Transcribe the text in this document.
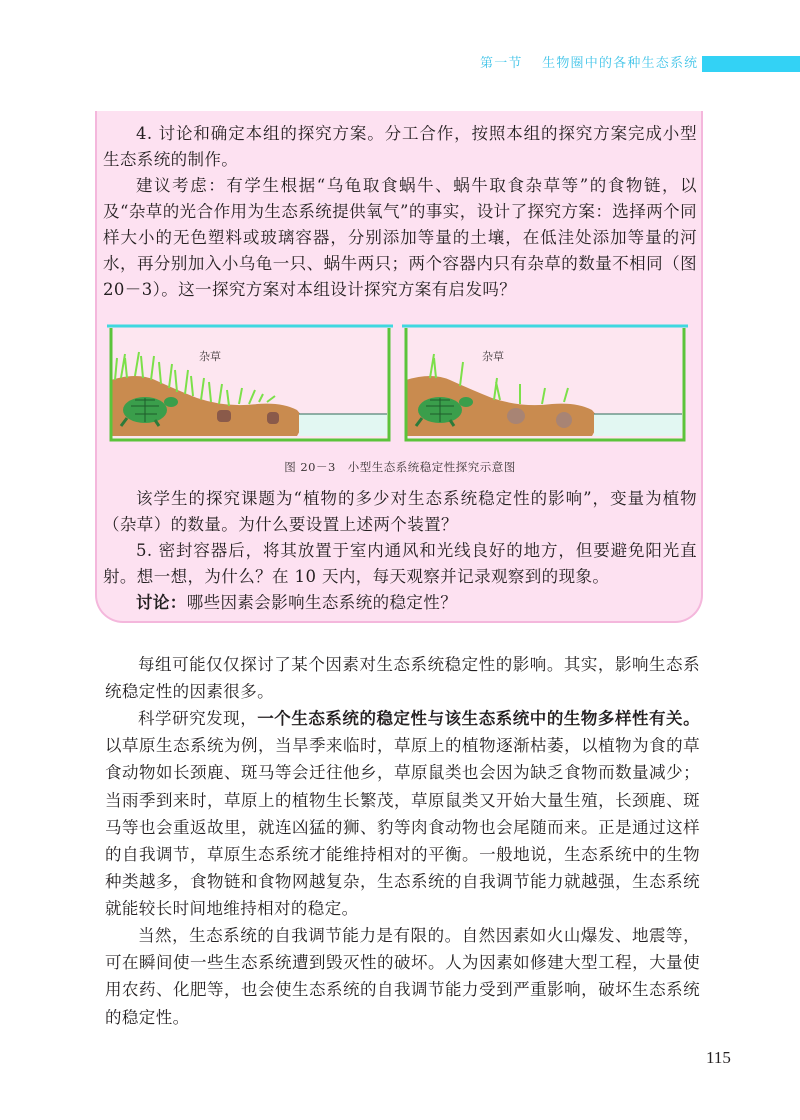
第一节　 生物圈中的各种生态系统

4. 讨论和确定本组的探究方案。分工合作，按照本组的探究方案完成小型生态系统的制作。

建议考虑：有学生根据“乌龟取食蜗牛、蜗牛取食杂草等”的食物链，以及“杂草的光合作用为生态系统提供氧气”的事实，设计了探究方案：选择两个同样大小的无色塑料或玻璃容器，分别添加等量的土壤，在低洼处添加等量的河水，再分别加入小乌龟一只、蜗牛两只；两个容器内只有杂草的数量不相同（图20－3）。这一探究方案对本组设计探究方案有启发吗？

杂草	杂草
图 20－3　小型生态系统稳定性探究示意图

该学生的探究课题为“植物的多少对生态系统稳定性的影响”，变量为植物（杂草）的数量。为什么要设置上述两个装置？

5. 密封容器后，将其放置于室内通风和光线良好的地方，但要避免阳光直射。想一想，为什么？在 10 天内，每天观察并记录观察到的现象。

讨论：哪些因素会影响生态系统的稳定性？

每组可能仅仅探讨了某个因素对生态系统稳定性的影响。其实，影响生态系统稳定性的因素很多。

科学研究发现，一个生态系统的稳定性与该生态系统中的生物多样性有关。以草原生态系统为例，当旱季来临时，草原上的植物逐渐枯萎，以植物为食的草食动物如长颈鹿、斑马等会迁往他乡，草原鼠类也会因为缺乏食物而数量减少；当雨季到来时，草原上的植物生长繁茂，草原鼠类又开始大量生殖，长颈鹿、斑马等也会重返故里，就连凶猛的狮、豹等肉食动物也会尾随而来。正是通过这样的自我调节，草原生态系统才能维持相对的平衡。一般地说，生态系统中的生物种类越多，食物链和食物网越复杂，生态系统的自我调节能力就越强，生态系统就能较长时间地维持相对的稳定。

当然，生态系统的自我调节能力是有限的。自然因素如火山爆发、地震等，可在瞬间使一些生态系统遭到毁灭性的破坏。人为因素如修建大型工程，大量使用农药、化肥等，也会使生态系统的自我调节能力受到严重影响，破坏生态系统的稳定性。

115
